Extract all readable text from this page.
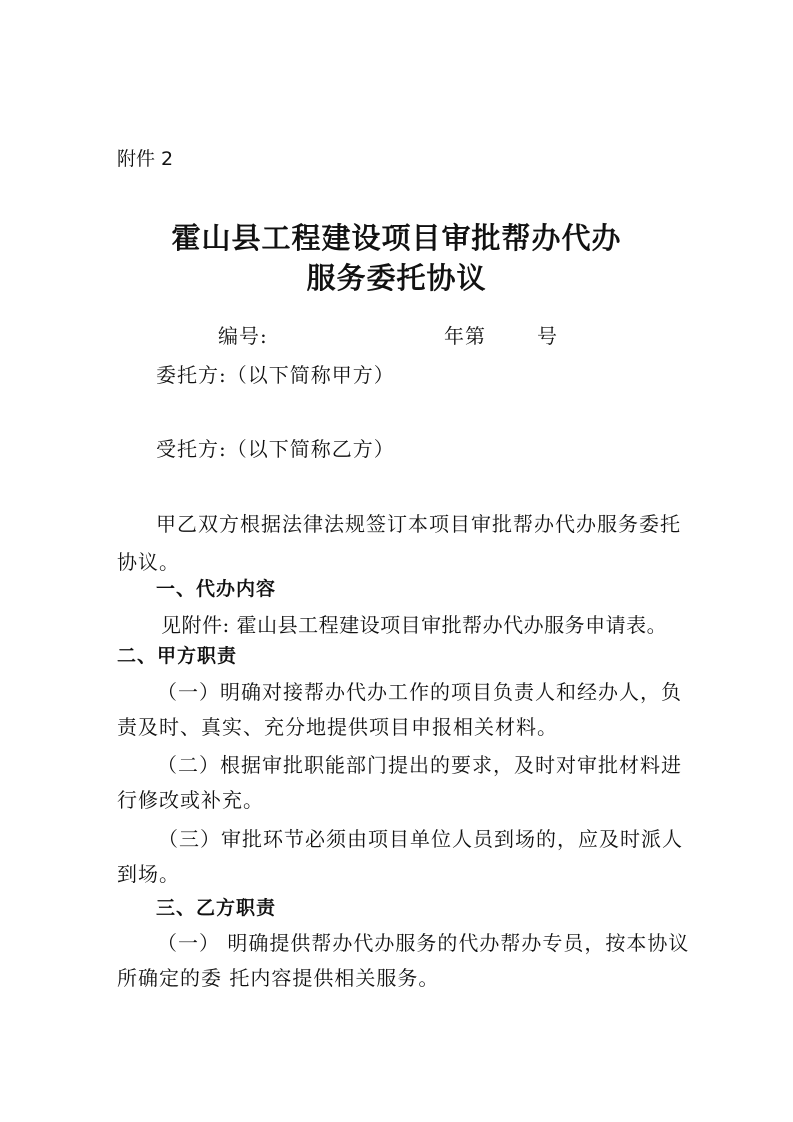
附件 2
霍山县工程建设项目审批帮办代办
服务委托协议
编号:	年第	号
委托方:（以下简称甲方）
受托方:（以下简称乙方）
甲乙双方根据法律法规签订本项目审批帮办代办服务委托
协议。
一、代办内容
见附件: 霍山县工程建设项目审批帮办代办服务申请表。
二、甲方职责
（一）明确对接帮办代办工作的项目负责人和经办人，负
责及时、真实、充分地提供项目申报相关材料。
（二）根据审批职能部门提出的要求，及时对审批材料进
行修改或补充。
（三）审批环节必须由项目单位人员到场的，应及时派人
到场。
三、乙方职责
（一） 明确提供帮办代办服务的代办帮办专员，按本协议
所确定的委 托内容提供相关服务。
